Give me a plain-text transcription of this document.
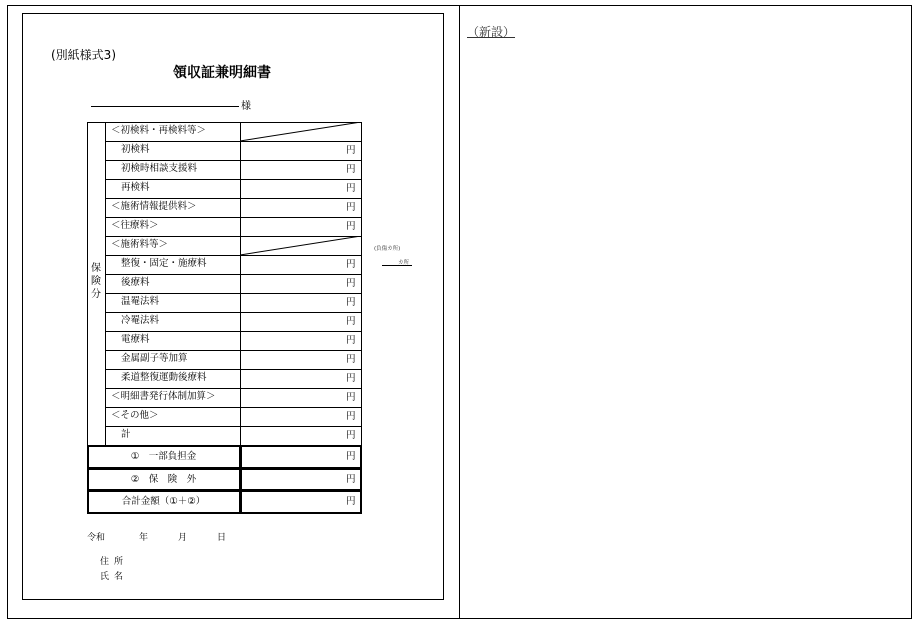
（新設）
(別紙様式3)
領収証兼明細書
様
保
険
分
＜初検料・再検料等＞
初検料	円
初検時相談支援料	円
再検料	円
＜施術情報提供料＞	円
＜往療料＞	円
＜施術料等＞
整復・固定・施療料	円
後療料	円
温罨法料	円
冷罨法料	円
電療料	円
金属副子等加算	円
柔道整復運動後療料	円
＜明細書発行体制加算＞	円
＜その他＞	円
計	円
①　一部負担金	円
②　保　険　外	円
合計金額（①＋②）	円
令和	年	月	日
住所
氏名
(負傷カ所)
カ所
